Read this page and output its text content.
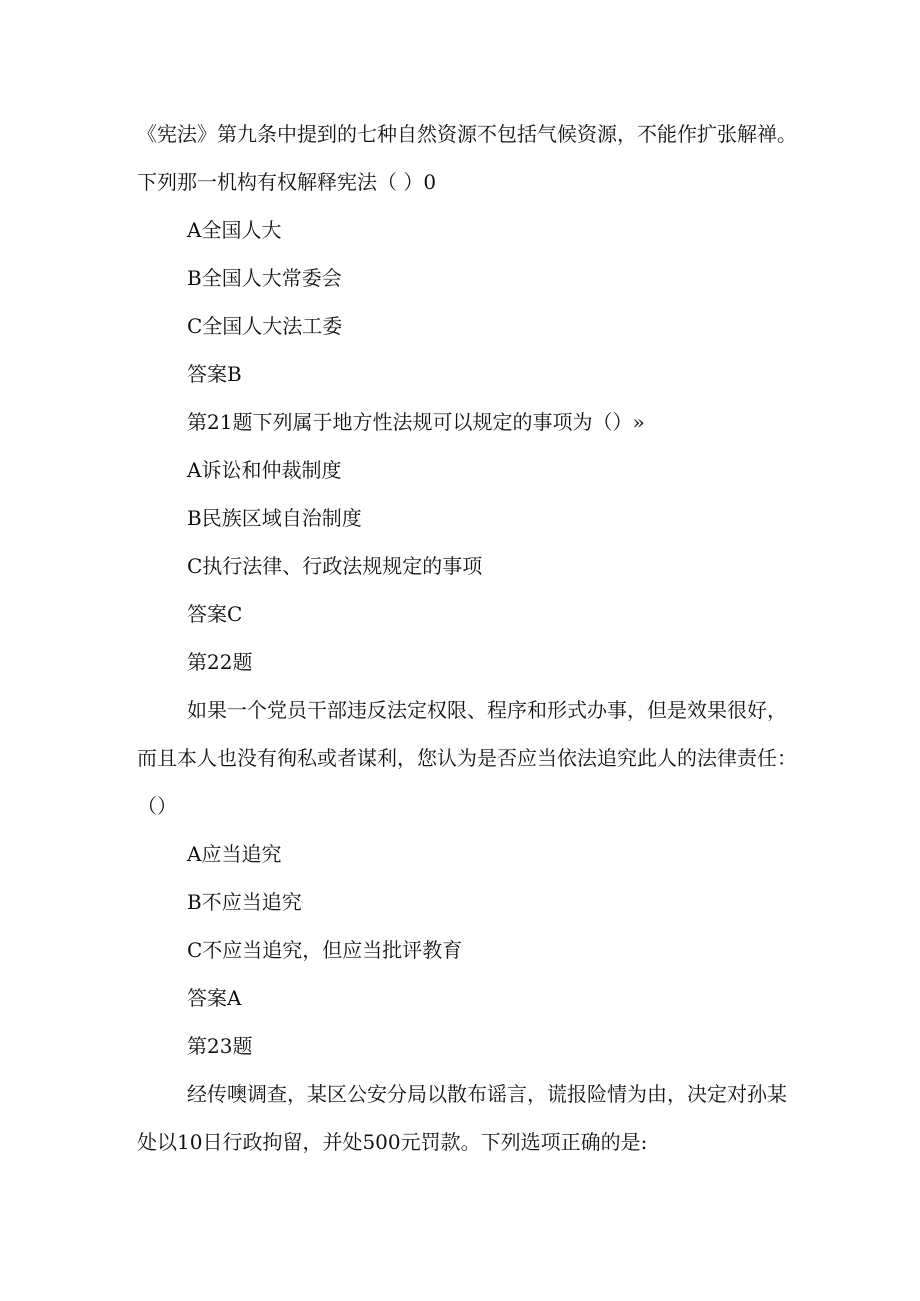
《宪法》第九条中提到的七种自然资源不包括气候资源，不能作扩张解禅。
下列那一机构有权解释宪法（ ）0
A全国人大
B全国人大常委会
C全国人大法工委
答案B
第21题下列属于地方性法规可以规定的事项为（）»
A诉讼和仲裁制度
B民族区域自治制度
C执行法律、行政法规规定的事项
答案C
第22题
如果一个党员干部违反法定权限、程序和形式办事，但是效果很好，
而且本人也没有徇私或者谋利，您认为是否应当依法追究此人的法律责任：
（）
A应当追究
B不应当追究
C不应当追究，但应当批评教育
答案A
第23题
经传噢调查，某区公安分局以散布谣言，谎报险情为由，决定对孙某
处以10日行政拘留，并处500元罚款。下列选项正确的是:
